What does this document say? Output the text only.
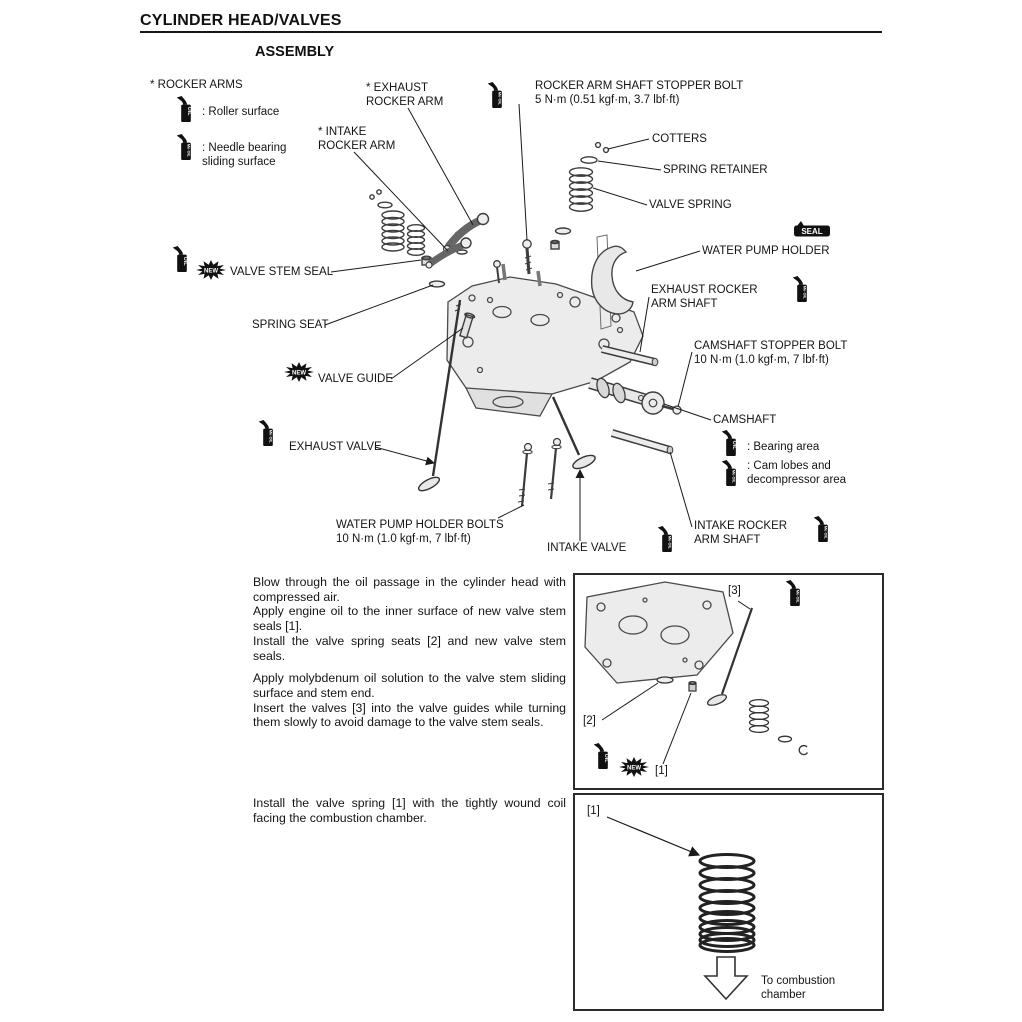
CYLINDER HEAD/VALVES
ASSEMBLY
* ROCKER ARMS
OIL : Roller surface
Mo OIL : Needle bearing sliding surface
* EXHAUST ROCKER ARM
* INTAKE ROCKER ARM
Mo OIL
ROCKER ARM SHAFT STOPPER BOLT
5 N·m (0.51 kgf·m, 3.7 lbf·ft)
COTTERS
SPRING RETAINER
VALVE SPRING
SEAL
WATER PUMP HOLDER
EXHAUST ROCKER ARM SHAFT
Mo OIL
CAMSHAFT STOPPER BOLT
10 N·m (1.0 kgf·m, 7 lbf·ft)
CAMSHAFT
OIL : Bearing area
Mo OIL
: Cam lobes and decompressor area
OIL
NEW VALVE STEM SEAL
SPRING SEAT
NEW VALVE GUIDE
Mo OIL
EXHAUST VALVE
WATER PUMP HOLDER BOLTS
10 N·m (1.0 kgf·m, 7 lbf·ft)
INTAKE VALVE	Mo OIL
INTAKE ROCKER ARM SHAFT
Mo OIL

Blow through the oil passage in the cylinder head with compressed air.

Apply engine oil to the inner surface of new valve stem seals [1].

Install the valve spring seats [2] and new valve stem seals.

Apply molybdenum oil solution to the valve stem sliding surface and stem end.

Insert the valves [3] into the valve guides while turning them slowly to avoid damage to the valve stem seals.

Install the valve spring [1] with the tightly wound coil facing the combustion chamber.

[3]	Mo OIL
[2]
OIL
NEW [1]
[1]
To combustion chamber
